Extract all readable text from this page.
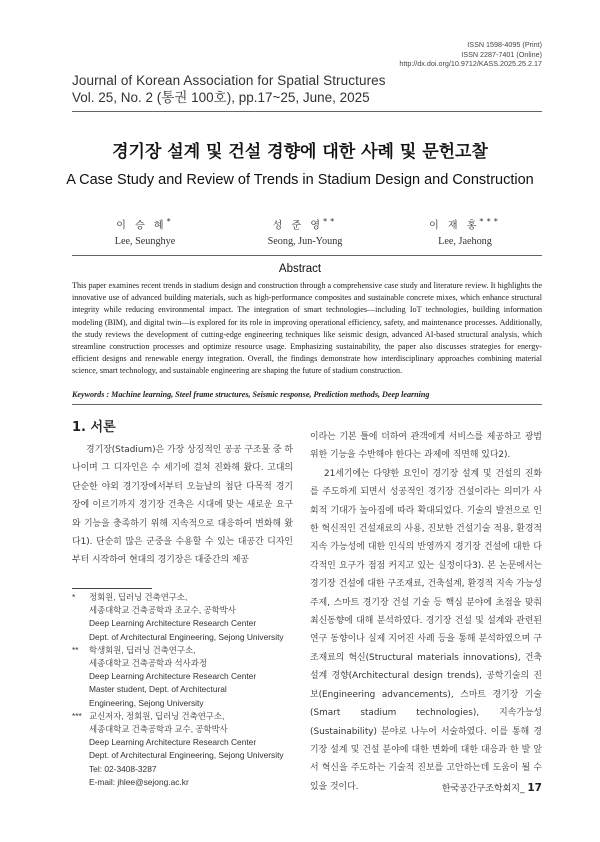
ISSN 1598-4095 (Print)
ISSN 2287-7401 (Online)
http://dx.doi.org/10.9712/KASS.2025.25.2.17
Journal of Korean Association for Spatial Structures
Vol. 25, No. 2 (통권 100호), pp.17~25, June, 2025
경기장 설계 및 건설 경향에 대한 사례 및 문헌고찰
A Case Study and Review of Trends in Stadium Design and Construction
이 승 혜*
Lee, Seunghye
성 준 영**
Seong, Jun-Young
이 재 홍***
Lee, Jaehong
Abstract
This paper examines recent trends in stadium design and construction through a comprehensive case study and literature review. It highlights the innovative use of advanced building materials, such as high-performance composites and sustainable concrete mixes, which enhance structural integrity while reducing environmental impact. The integration of smart technologies—including IoT technologies, building information modeling (BIM), and digital twin—is explored for its role in improving operational efficiency, safety, and maintenance processes. Additionally, the study reviews the development of cutting-edge engineering techniques like seismic design, advanced AI-based structural analysis, which streamline construction processes and optimize resource usage. Emphasizing sustainability, the paper also discusses strategies for energy-efficient designs and renewable energy integration. Overall, the findings demonstrate how interdisciplinary approaches combining material science, smart technology, and sustainable engineering are shaping the future of stadium construction.
Keywords : Machine learning, Steel frame structures, Seismic response, Prediction methods, Deep learning
1. 서론

경기장(Stadium)은 가장 상징적인 공공 구조물 중 하나이며 그 디자인은 수 세기에 걸쳐 진화해 왔다. 고대의 단순한 야외 경기장에서부터 오늘날의 첨단 다목적 경기장에 이르기까지 경기장 건축은 시대에 맞는 새로운 요구와 기능을 충족하기 위해 지속적으로 대응하여 변화해 왔다1). 단순히 많은 군중을 수용할 수 있는 대공간 디자인부터 시작하여 현대의 경기장은 대중간의 제공

이라는 기본 틀에 더하여 관객에게 서비스를 제공하고 광범위한 기능을 수반해야 한다는 과제에 직면해 있다2).

21세기에는 다양한 요인이 경기장 설계 및 건설의 진화를 주도하게 되면서 성공적인 경기장 건설이라는 의미가 사회적 기대가 높아짐에 따라 확대되었다. 기술의 발전으로 인한 혁신적인 건설재료의 사용, 진보한 건설기술 적용, 환경적 지속 가능성에 대한 인식의 반영까지 경기장 건설에 대한 다각적인 요구가 점점 커지고 있는 실정이다3). 본 논문에서는 경기장 건설에 대한 구조재료, 건축설계, 환경적 지속 가능성 주제, 스마트 경기장 건설 기술 등 핵심 분야에 초점을 맞춰 최신동향에 대해 분석하였다. 경기장 건설 및 설계와 관련된 연구 동향이나 실제 지어진 사례 등을 통해 분석하였으며 구조재료의 혁신(Structural materials innovations), 건축설계 경향(Architectural design trends), 공학기술의 진보(Engineering advancements), 스마트 경기장 기술(Smart stadium technologies), 지속가능성(Sustainability) 분야로 나누어 서술하였다. 이를 통해 경기장 설계 및 건설 분야에 대한 변화에 대한 대응과 한 발 앞서 혁신을 주도하는 기술적 진보를 고안하는데 도움이 될 수 있을 것이다.

*	정회원, 딥러닝 건축연구소,
세종대학교 건축공학과 조교수, 공학박사
Deep Learning Architecture Research Center
Dept. of Architectural Engineering, Sejong University
**	학생회원, 딥러닝 건축연구소,
세종대학교 건축공학과 석사과정
Deep Learning Architecture Research Center
Master student, Dept. of Architectural
Engineering, Sejong University
*** 교신저자, 정회원, 딥러닝 건축연구소,
세종대학교 건축공학과 교수, 공학박사
Deep Learning Architecture Research Center
Dept. of Architectural Engineering, Sejong University
Tel: 02-3408-3287
E-mail: jhlee@sejong.ac.kr
한국공간구조학회지_ 17
